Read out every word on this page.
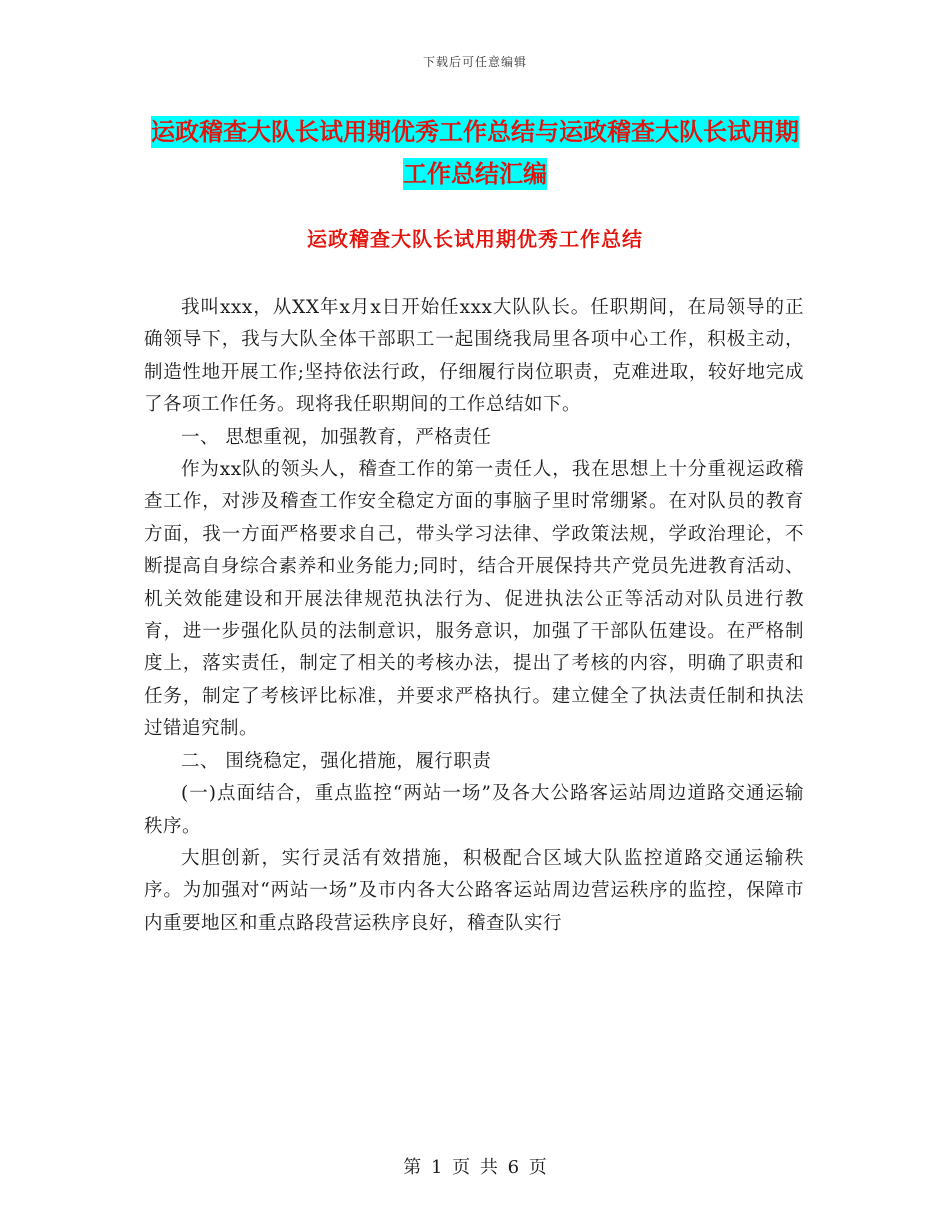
下载后可任意编辑
运政稽查大队长试用期优秀工作总结与运政稽查大队长试用期工作总结汇编
运政稽查大队长试用期优秀工作总结

我叫xxx，从XX年x月x日开始任xxx大队队长。任职期间，在局领导的正确领导下，我与大队全体干部职工一起围绕我局里各项中心工作，积极主动，制造性地开展工作;坚持依法行政，仔细履行岗位职责，克难进取，较好地完成了各项工作任务。现将我任职期间的工作总结如下。

一、 思想重视，加强教育，严格责任

作为xx队的领头人，稽查工作的第一责任人，我在思想上十分重视运政稽查工作，对涉及稽查工作安全稳定方面的事脑子里时常绷紧。在对队员的教育方面，我一方面严格要求自己，带头学习法律、学政策法规，学政治理论，不断提高自身综合素养和业务能力;同时，结合开展保持共产党员先进教育活动、机关效能建设和开展法律规范执法行为、促进执法公正等活动对队员进行教育，进一步强化队员的法制意识，服务意识，加强了干部队伍建设。在严格制度上，落实责任，制定了相关的考核办法，提出了考核的内容，明确了职责和任务，制定了考核评比标准，并要求严格执行。建立健全了执法责任制和执法过错追究制。

二、 围绕稳定，强化措施，履行职责

(一)点面结合，重点监控“两站一场”及各大公路客运站周边道路交通运输秩序。

大胆创新，实行灵活有效措施，积极配合区域大队监控道路交通运输秩序。为加强对“两站一场”及市内各大公路客运站周边营运秩序的监控，保障市内重要地区和重点路段营运秩序良好，稽查队实行

第 1 页 共 6 页
